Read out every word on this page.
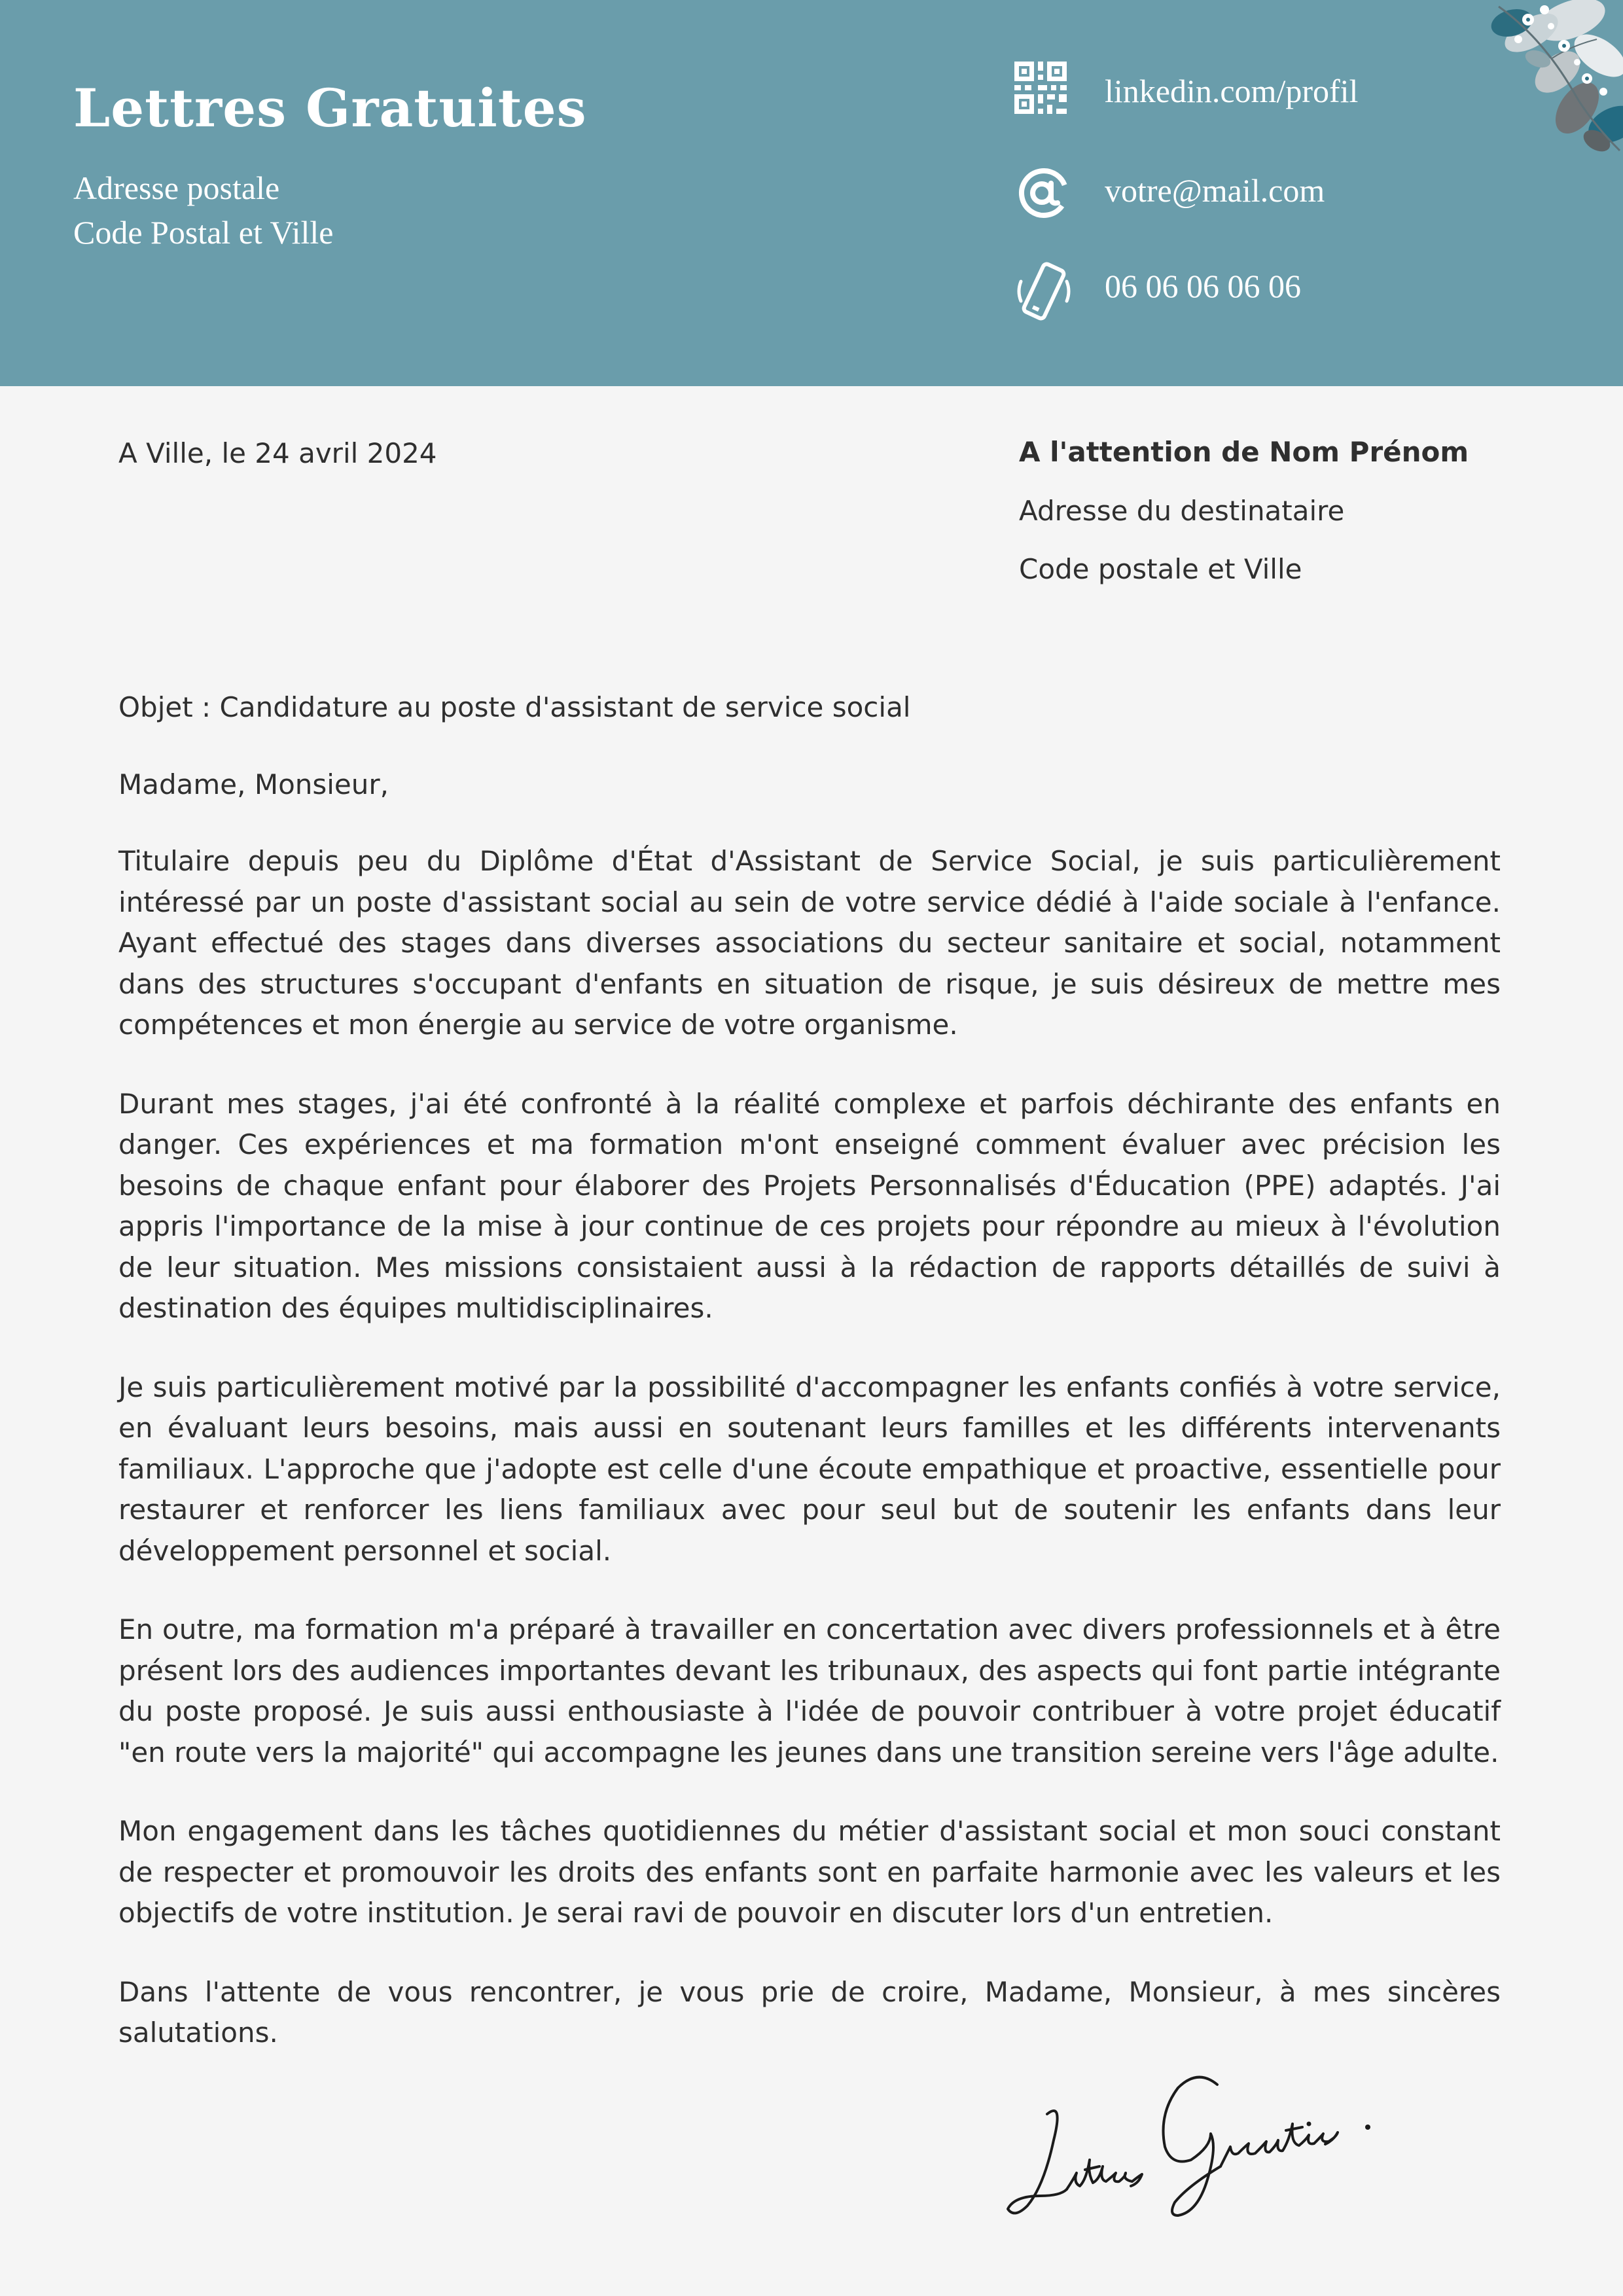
Lettres Gratuites
Adresse postale
Code Postal et Ville
linkedin.com/profil
votre@mail.com
06 06 06 06 06
A Ville, le 24 avril 2024	A l'attention de Nom Prénom
Adresse du destinataire
Code postale et Ville

Objet : Candidature au poste d'assistant de service social

Madame, Monsieur,

Titulaire depuis peu du Diplôme d'État d'Assistant de Service Social, je suis particulièrement intéressé par un poste d'assistant social au sein de votre service dédié à l'aide sociale à l'enfance. Ayant effectué des stages dans diverses associations du secteur sanitaire et social, notamment dans des structures s'occupant d'enfants en situation de risque, je suis désireux de mettre mes compétences et mon énergie au service de votre organisme.

Durant mes stages, j'ai été confronté à la réalité complexe et parfois déchirante des enfants en danger. Ces expériences et ma formation m'ont enseigné comment évaluer avec précision les besoins de chaque enfant pour élaborer des Projets Personnalisés d'Éducation (PPE) adaptés. J'ai appris l'importance de la mise à jour continue de ces projets pour répondre au mieux à l'évolution de leur situation. Mes missions consistaient aussi à la rédaction de rapports détaillés de suivi à destination des équipes multidisciplinaires.

Je suis particulièrement motivé par la possibilité d'accompagner les enfants confiés à votre service, en évaluant leurs besoins, mais aussi en soutenant leurs familles et les différents intervenants familiaux. L'approche que j'adopte est celle d'une écoute empathique et proactive, essentielle pour restaurer et renforcer les liens familiaux avec pour seul but de soutenir les enfants dans leur développement personnel et social.

En outre, ma formation m'a préparé à travailler en concertation avec divers professionnels et à être présent lors des audiences importantes devant les tribunaux, des aspects qui font partie intégrante du poste proposé. Je suis aussi enthousiaste à l'idée de pouvoir contribuer à votre projet éducatif "en route vers la majorité" qui accompagne les jeunes dans une transition sereine vers l'âge adulte.

Mon engagement dans les tâches quotidiennes du métier d'assistant social et mon souci constant de respecter et promouvoir les droits des enfants sont en parfaite harmonie avec les valeurs et les objectifs de votre institution. Je serai ravi de pouvoir en discuter lors d'un entretien.

Dans l'attente de vous rencontrer, je vous prie de croire, Madame, Monsieur, à mes sincères salutations.
